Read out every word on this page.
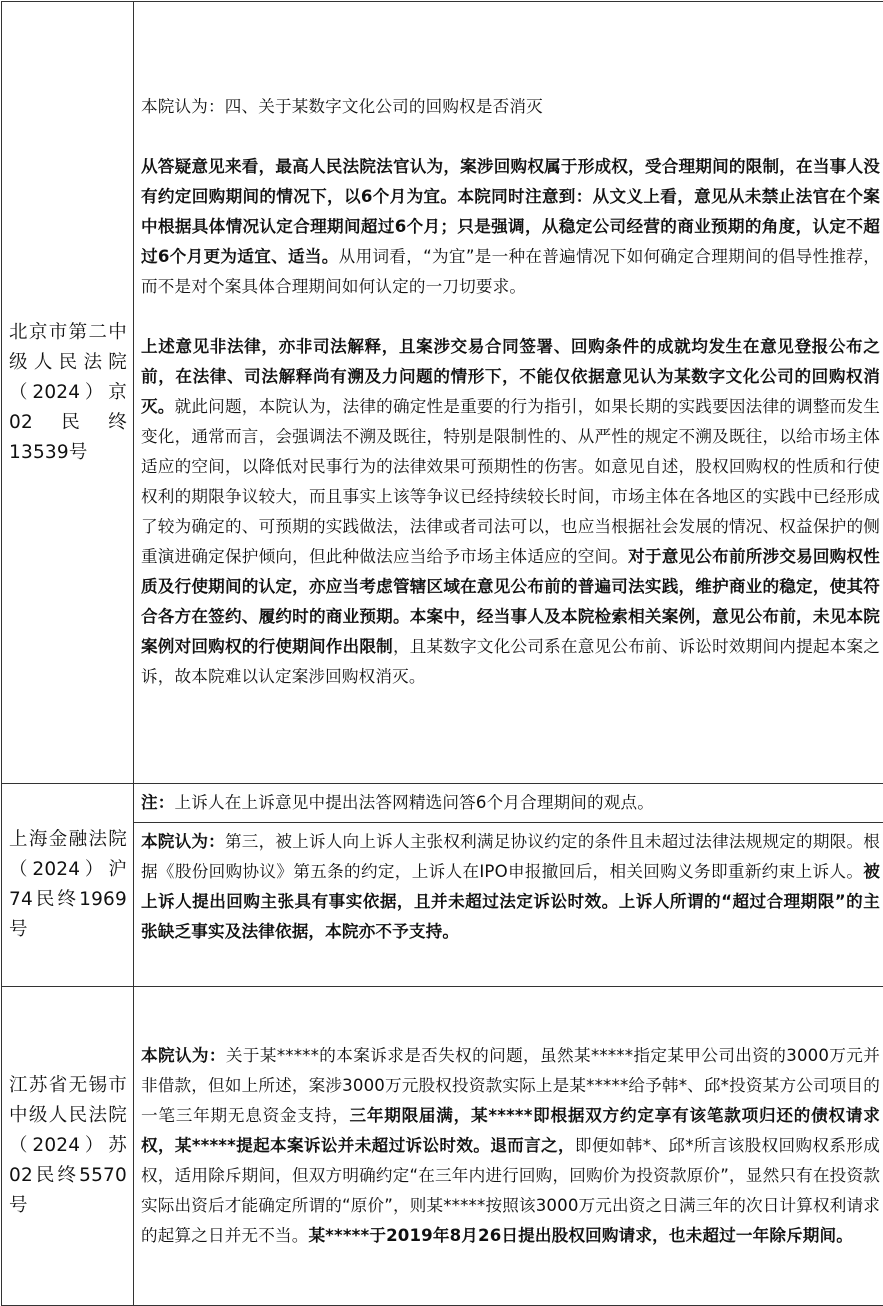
北京市第二中级人民法院（2024）京02民终13539号	本院认为：四、关于某数字文化公司的回购权是否消灭
从答疑意见来看，最高人民法院法官认为，案涉回购权属于形成权，受合理期间的限制，在当事人没有约定回购期间的情况下，以6个月为宜。本院同时注意到：从文义上看，意见从未禁止法官在个案中根据具体情况认定合理期间超过6个月；只是强调，从稳定公司经营的商业预期的角度，认定不超过6个月更为适宜、适当。从用词看，“为宜”是一种在普遍情况下如何确定合理期间的倡导性推荐，而不是对个案具体合理期间如何认定的一刀切要求。
上述意见非法律，亦非司法解释，且案涉交易合同签署、回购条件的成就均发生在意见登报公布之前，在法律、司法解释尚有溯及力问题的情形下，不能仅依据意见认为某数字文化公司的回购权消灭。就此问题，本院认为，法律的确定性是重要的行为指引，如果长期的实践要因法律的调整而发生变化，通常而言，会强调法不溯及既往，特别是限制性的、从严性的规定不溯及既往，以给市场主体适应的空间，以降低对民事行为的法律效果可预期性的伤害。如意见自述，股权回购权的性质和行使权利的期限争议较大，而且事实上该等争议已经持续较长时间，市场主体在各地区的实践中已经形成了较为确定的、可预期的实践做法，法律或者司法可以，也应当根据社会发展的情况、权益保护的侧重演进确定保护倾向，但此种做法应当给予市场主体适应的空间。对于意见公布前所涉交易回购权性质及行使期间的认定，亦应当考虑管辖区域在意见公布前的普遍司法实践，维护商业的稳定，使其符合各方在签约、履约时的商业预期。本案中，经当事人及本院检索相关案例，意见公布前，未见本院案例对回购权的行使期间作出限制，且某数字文化公司系在意见公布前、诉讼时效期间内提起本案之诉，故本院难以认定案涉回购权消灭。

上海金融法院（2024）沪74民终1969号	注：上诉人在上诉意见中提出法答网精选问答6个月合理期间的观点。
本院认为：第三，被上诉人向上诉人主张权利满足协议约定的条件且未超过法律法规规定的期限。根据《股份回购协议》第五条的约定，上诉人在IPO申报撤回后，相关回购义务即重新约束上诉人。被上诉人提出回购主张具有事实依据，且并未超过法定诉讼时效。上诉人所谓的“超过合理期限”的主张缺乏事实及法律依据，本院亦不予支持。

江苏省无锡市中级人民法院（2024）苏02民终5570号	本院认为：关于某*****的本案诉求是否失权的问题，虽然某*****指定某甲公司出资的3000万元并非借款，但如上所述，案涉3000万元股权投资款实际上是某*****给予韩*、邱*投资某方公司项目的一笔三年期无息资金支持，三年期限届满，某*****即根据双方约定享有该笔款项归还的债权请求权，某*****提起本案诉讼并未超过诉讼时效。退而言之，即便如韩*、邱*所言该股权回购权系形成权，适用除斥期间，但双方明确约定“在三年内进行回购，回购价为投资款原价”，显然只有在投资款实际出资后才能确定所谓的“原价”，则某*****按照该3000万元出资之日满三年的次日计算权利请求的起算之日并无不当。某*****于2019年8月26日提出股权回购请求，也未超过一年除斥期间。
